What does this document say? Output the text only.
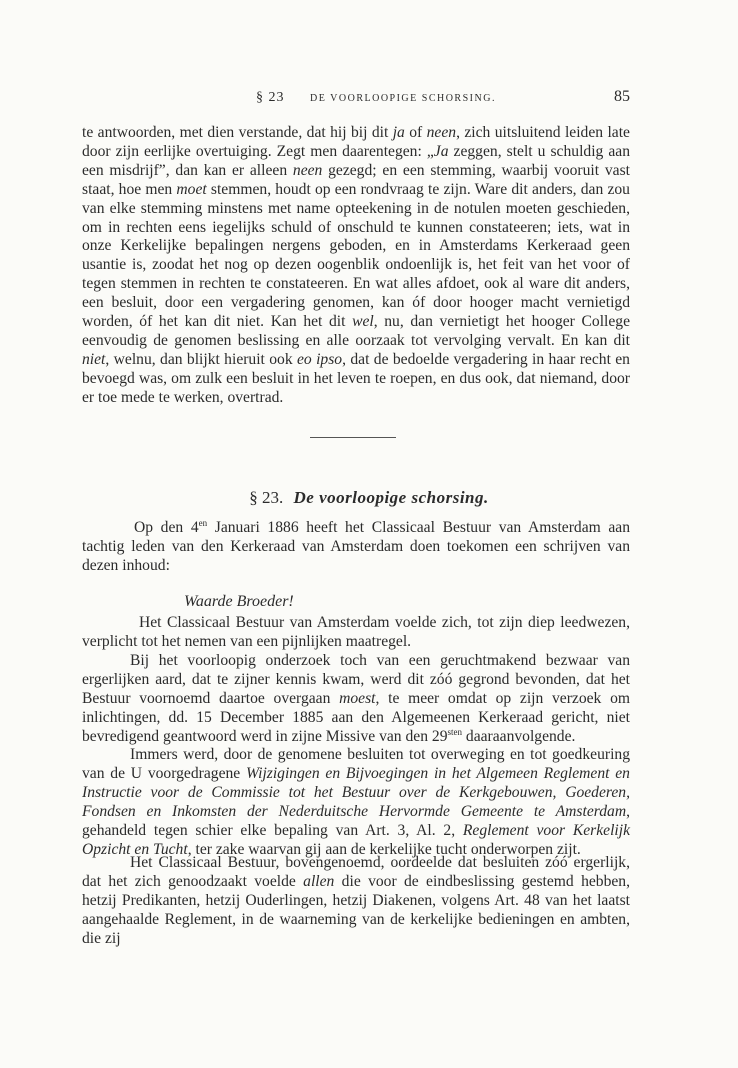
§ 23	DE VOORLOOPIGE SCHORSING.	85

te antwoorden, met dien verstande, dat hij bij dit ja of neen, zich uitsluitend leiden late door zijn eerlijke overtuiging. Zegt men daarentegen: „Ja zeggen, stelt u schuldig aan een misdrijf”, dan kan er alleen neen gezegd; en een stemming, waarbij vooruit vast staat, hoe men moet stemmen, houdt op een rondvraag te zijn. Ware dit anders, dan zou van elke stemming minstens met name opteekening in de notulen moeten geschieden, om in rechten eens iegelijks schuld of onschuld te kunnen constateeren; iets, wat in onze Kerkelijke bepalingen nergens geboden, en in Amsterdams Kerkeraad geen usantie is, zoodat het nog op dezen oogenblik ondoenlijk is, het feit van het voor of tegen stemmen in rechten te constateeren. En wat alles afdoet, ook al ware dit anders, een besluit, door een vergadering genomen, kan óf door hooger macht vernietigd worden, óf het kan dit niet. Kan het dit wel, nu, dan vernietigt het hooger College eenvoudig de genomen beslissing en alle oorzaak tot vervolging vervalt. En kan dit niet, welnu, dan blijkt hieruit ook eo ipso, dat de bedoelde vergadering in haar recht en bevoegd was, om zulk een besluit in het leven te roepen, en dus ook, dat niemand, door er toe mede te werken, overtrad.

§ 23. De voorloopige schorsing.

Op den $4^{en}$ Januari 1886 heeft het Classicaal Bestuur van Amsterdam aan tachtig leden van den Kerkeraad van Amsterdam doen toekomen een schrijven van dezen inhoud:

Waarde Broeder!

Het Classicaal Bestuur van Amsterdam voelde zich, tot zijn diep leedwezen, verplicht tot het nemen van een pijnlijken maatregel.

Bij het voorloopig onderzoek toch van een geruchtmakend bezwaar van ergerlijken aard, dat te zijner kennis kwam, werd dit zóó gegrond bevonden, dat het Bestuur voornoemd daartoe overgaan moest, te meer omdat op zijn verzoek om inlichtingen, dd. 15 December 1885 aan den Algemeenen Kerkeraad gericht, niet bevredigend geantwoord werd in zijne Missive van den $29^{sten}$ daaraanvolgende.

Immers werd, door de genomene besluiten tot overweging en tot goedkeuring van de U voorgedragene Wijzigingen en Bijvoegingen in het Algemeen Reglement en Instructie voor de Commissie tot het Bestuur over de Kerkgebouwen, Goederen, Fondsen en Inkomsten der Nederduitsche Hervormde Gemeente te Amsterdam, gehandeld tegen schier elke bepaling van Art. 3, Al. 2, Reglement voor Kerkelijk Opzicht en Tucht, ter zake waarvan gij aan de kerkelijke tucht onderworpen zijt.

Het Classicaal Bestuur, bovengenoemd, oordeelde dat besluiten zóó ergerlijk, dat het zich genoodzaakt voelde allen die voor de eindbeslissing gestemd hebben, hetzij Predikanten, hetzij Ouderlingen, hetzij Diakenen, volgens Art. 48 van het laatst aangehaalde Reglement, in de waarneming van de kerkelijke bedieningen en ambten, die zij
